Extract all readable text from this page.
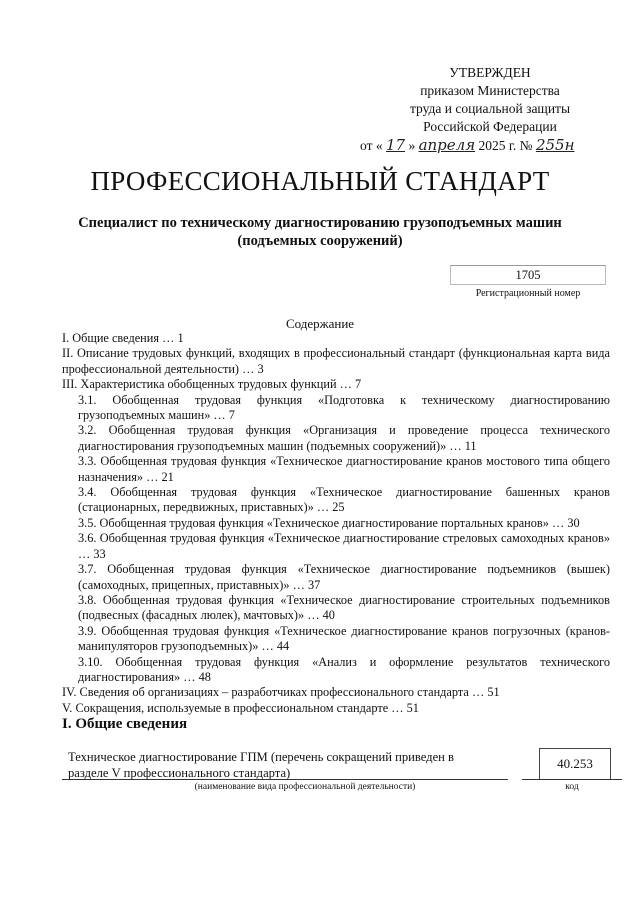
УТВЕРЖДЕН
приказом Министерства
труда и социальной защиты
Российской Федерации
от « 17 » апреля 2025 г. № 255н
ПРОФЕССИОНАЛЬНЫЙ СТАНДАРТ
Специалист по техническому диагностированию грузоподъемных машин
(подъемных сооружений)
1705
Регистрационный номер
Содержание
I. Общие сведения … 1
II. Описание трудовых функций, входящих в профессиональный стандарт (функциональная карта вида профессиональной деятельности) … 3
III. Характеристика обобщенных трудовых функций … 7
3.1. Обобщенная трудовая функция «Подготовка к техническому диагностированию грузоподъемных машин» … 7
3.2. Обобщенная трудовая функция «Организация и проведение процесса технического диагностирования грузоподъемных машин (подъемных сооружений)» … 11
3.3. Обобщенная трудовая функция «Техническое диагностирование кранов мостового типа общего назначения» … 21
3.4. Обобщенная трудовая функция «Техническое диагностирование башенных кранов (стационарных, передвижных, приставных)» … 25
3.5. Обобщенная трудовая функция «Техническое диагностирование портальных кранов» … 30
3.6. Обобщенная трудовая функция «Техническое диагностирование стреловых самоходных кранов» … 33
3.7. Обобщенная трудовая функция «Техническое диагностирование подъемников (вышек) (самоходных, прицепных, приставных)» … 37
3.8. Обобщенная трудовая функция «Техническое диагностирование строительных подъемников (подвесных (фасадных люлек), мачтовых)» … 40
3.9. Обобщенная трудовая функция «Техническое диагностирование кранов погрузочных (кранов-манипуляторов грузоподъемных)» … 44
3.10. Обобщенная трудовая функция «Анализ и оформление результатов технического диагностирования» … 48
IV. Сведения об организациях – разработчиках профессионального стандарта … 51
V. Сокращения, используемые в профессиональном стандарте … 51
I. Общие сведения
Техническое диагностирование ГПМ (перечень сокращений приведен в
разделе V профессионального стандарта)
(наименование вида профессиональной деятельности)
40.253
код
